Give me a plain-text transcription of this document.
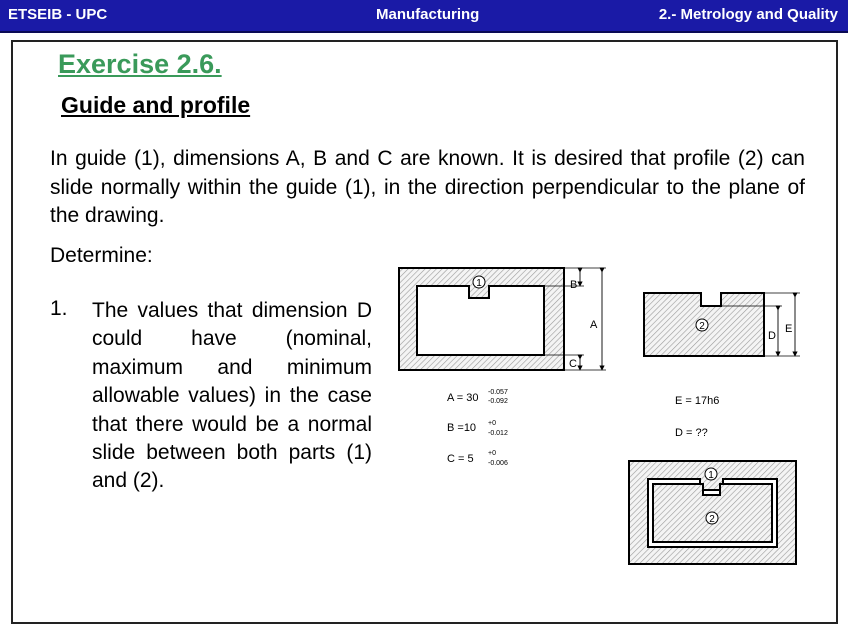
ETSEIB - UPC	Manufacturing	2.- Metrology and Quality
Exercise 2.6.
Guide and profile
In guide (1), dimensions A, B and C are known. It is desired that profile (2) can slide normally within the guide (1), in the direction perpendicular to the plane of the drawing.
Determine:
1. The values that dimension D could have (nominal, maximum and minimum allowable values) in the case that there would be a normal slide between both parts (1) and (2).
1	B
A
C
2
D
E
A = 30 -0.057
-0.092
B =10 +0
-0.012
C = 5 +0
-0.006
E = 17h6
D = ??
1
2
